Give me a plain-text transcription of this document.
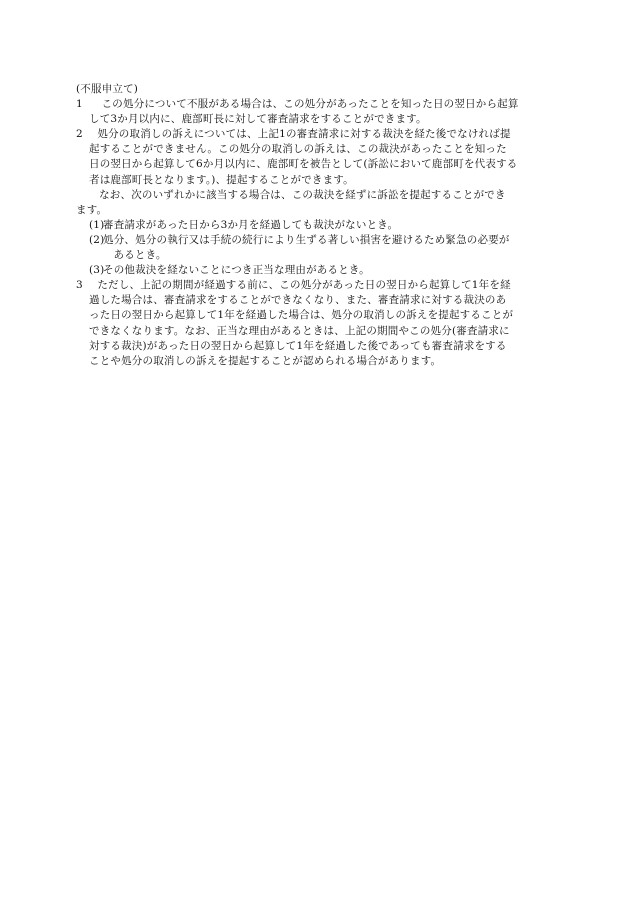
(不服申立て)
1	この処分について不服がある場合は、この処分があったことを知った日の翌日から起算
して3か月以内に、鹿部町長に対して審査請求をすることができます。
2	処分の取消しの訴えについては、上記1の審査請求に対する裁決を経た後でなければ提
起することができません。この処分の取消しの訴えは、この裁決があったことを知った
日の翌日から起算して6か月以内に、鹿部町を被告として(訴訟において鹿部町を代表する
者は鹿部町長となります。)、提起することができます。
なお、次のいずれかに該当する場合は、この裁決を経ずに訴訟を提起することができ
ます。
(1)
審査請求があった日から3か月を経過しても裁決がないとき。
(2)
処分、処分の執行又は手続の続行により生ずる著しい損害を避けるため緊急の必要が
あるとき。
(3)
その他裁決を経ないことにつき正当な理由があるとき。
3	ただし、上記の期間が経過する前に、この処分があった日の翌日から起算して1年を経
過した場合は、審査請求をすることができなくなり、また、審査請求に対する裁決のあ
った日の翌日から起算して1年を経過した場合は、処分の取消しの訴えを提起することが
できなくなります。なお、正当な理由があるときは、上記の期間やこの処分(審査請求に
対する裁決)があった日の翌日から起算して1年を経過した後であっても審査請求をする
ことや処分の取消しの訴えを提起することが認められる場合があります。
